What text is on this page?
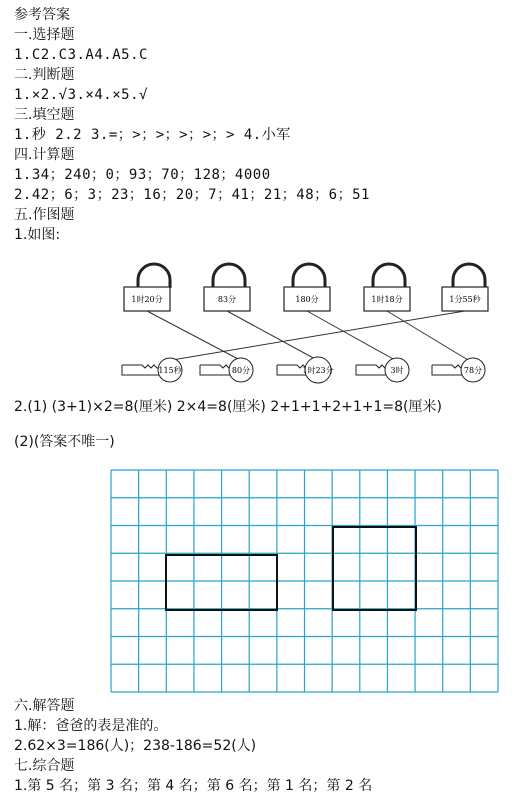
参考答案
一.选择题
1.C2.C3.A4.A5.C
二.判断题
1.×2.√3.×4.×5.√
三.填空题
1.秒 2.2 3.=；>；>；>；>；> 4.小军
四.计算题
1.34；240；0；93；70；128；4000
2.42；6；3；23；16；20；7；41；21；48；6；51
五.作图题
1.如图:
1时20分	83分	180分	1时18分	1分55秒
115秒	80分	1时23分	3时	78分
2.(1) (3+1)×2=8(厘米) 2×4=8(厘米) 2+1+1+2+1+1=8(厘米)
(2)(答案不唯一)
六.解答题
1.解：爸爸的表是准的。
2.62×3=186(人)；238-186=52(人)
七.综合题
1.第 5 名；第 3 名；第 4 名；第 6 名；第 1 名；第 2 名
